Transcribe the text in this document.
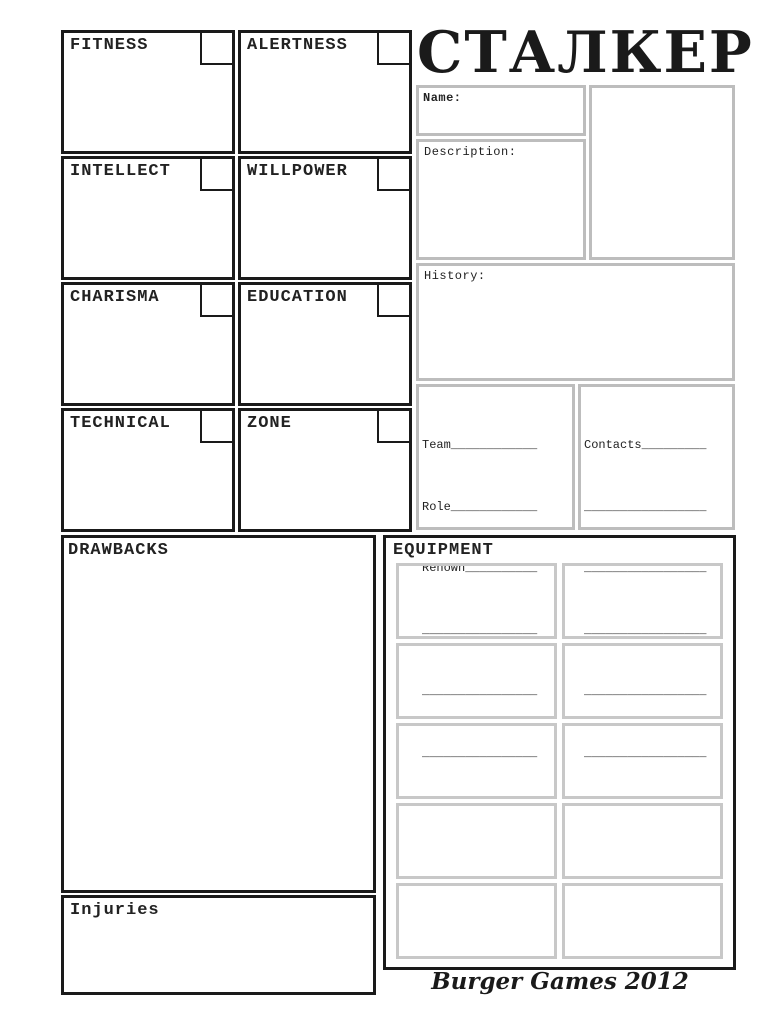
СТАЛКЕР
FITNESS	ALERTNESS
INTELLECT	WILLPOWER
CHARISMA	EDUCATION
TECHNICAL	ZONE
Name:
Description:
History:

Team____________

Role____________

Renown__________

________________

________________

________________

Contacts_________

_________________

_________________

_________________

_________________

_________________

DRAWBACKS
Injuries
EQUIPMENT
Burger Games 2012
